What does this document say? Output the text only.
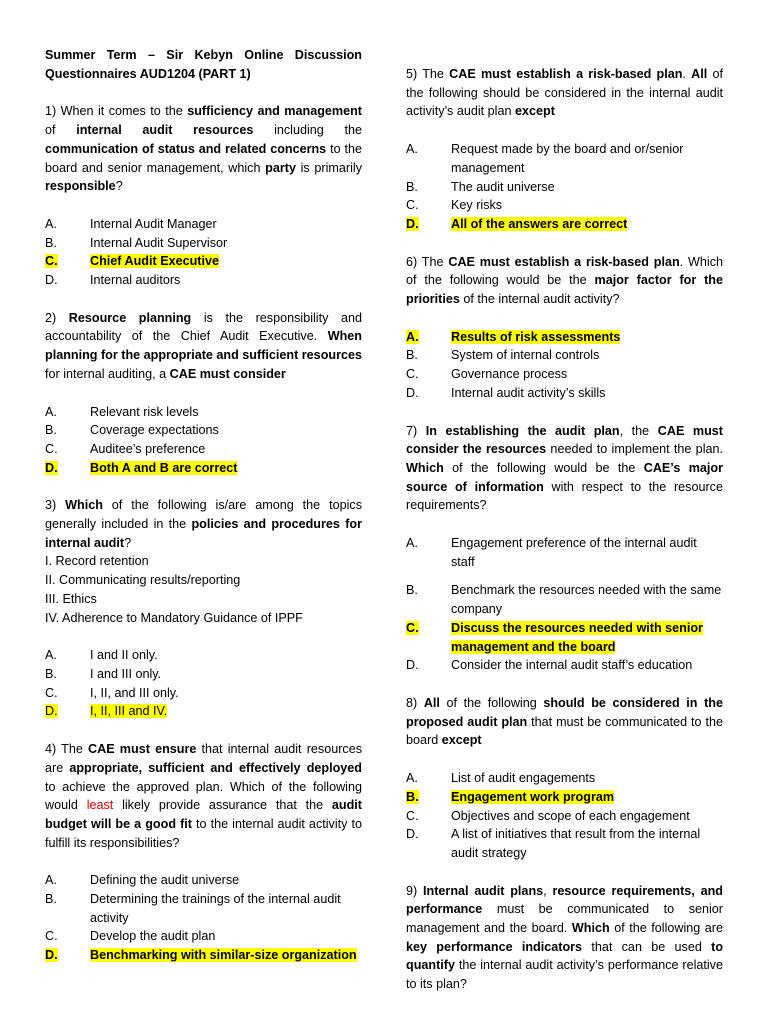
Summer Term – Sir Kebyn Online Discussion
Questionnaires AUD1204 (PART 1)
1) When it comes to the sufficiency and management of internal audit resources including the communication of status and related concerns to the board and senior management, which party is primarily responsible?
A.	Internal Audit Manager
B.	Internal Audit Supervisor
C.	Chief Audit Executive
D.	Internal auditors
2) Resource planning is the responsibility and accountability of the Chief Audit Executive. When planning for the appropriate and sufficient resources for internal auditing, a CAE must consider
A.	Relevant risk levels
B.	Coverage expectations
C.	Auditee’s preference
D.	Both A and B are correct
3) Which of the following is/are among the topics generally included in the policies and procedures for internal audit?
I. Record retention
II. Communicating results/reporting
III. Ethics
IV. Adherence to Mandatory Guidance of IPPF
A.	I and II only.
B.	I and III only.
C.	I, II, and III only.
D.	I, II, III and IV.
4) The CAE must ensure that internal audit resources are appropriate, sufficient and effectively deployed to achieve the approved plan. Which of the following would least likely provide assurance that the audit budget will be a good fit to the internal audit activity to fulfill its responsibilities?
A.	Defining the audit universe
B.	Determining the trainings of the internal audit activity
C.	Develop the audit plan
D.	Benchmarking with similar-size organization
5) The CAE must establish a risk-based plan. All of the following should be considered in the internal audit activity’s audit plan except
A.	Request made by the board and or/senior management
B.	The audit universe
C.	Key risks
D.	All of the answers are correct
6) The CAE must establish a risk-based plan. Which of the following would be the major factor for the priorities of the internal audit activity?
A.	Results of risk assessments
B.	System of internal controls
C.	Governance process
D.	Internal audit activity’s skills
7) In establishing the audit plan, the CAE must consider the resources needed to implement the plan. Which of the following would be the CAE’s major source of information with respect to the resource requirements?
A.	Engagement preference of the internal audit staff
B.	Benchmark the resources needed with the same company
C.	Discuss the resources needed with senior management and the board
D.	Consider the internal audit staff’s education
8) All of the following should be considered in the proposed audit plan that must be communicated to the board except
A.	List of audit engagements
B.	Engagement work program
C.	Objectives and scope of each engagement
D.	A list of initiatives that result from the internal audit strategy
9) Internal audit plans, resource requirements, and performance must be communicated to senior management and the board. Which of the following are key performance indicators that can be used to quantify the internal audit activity’s performance relative to its plan?
